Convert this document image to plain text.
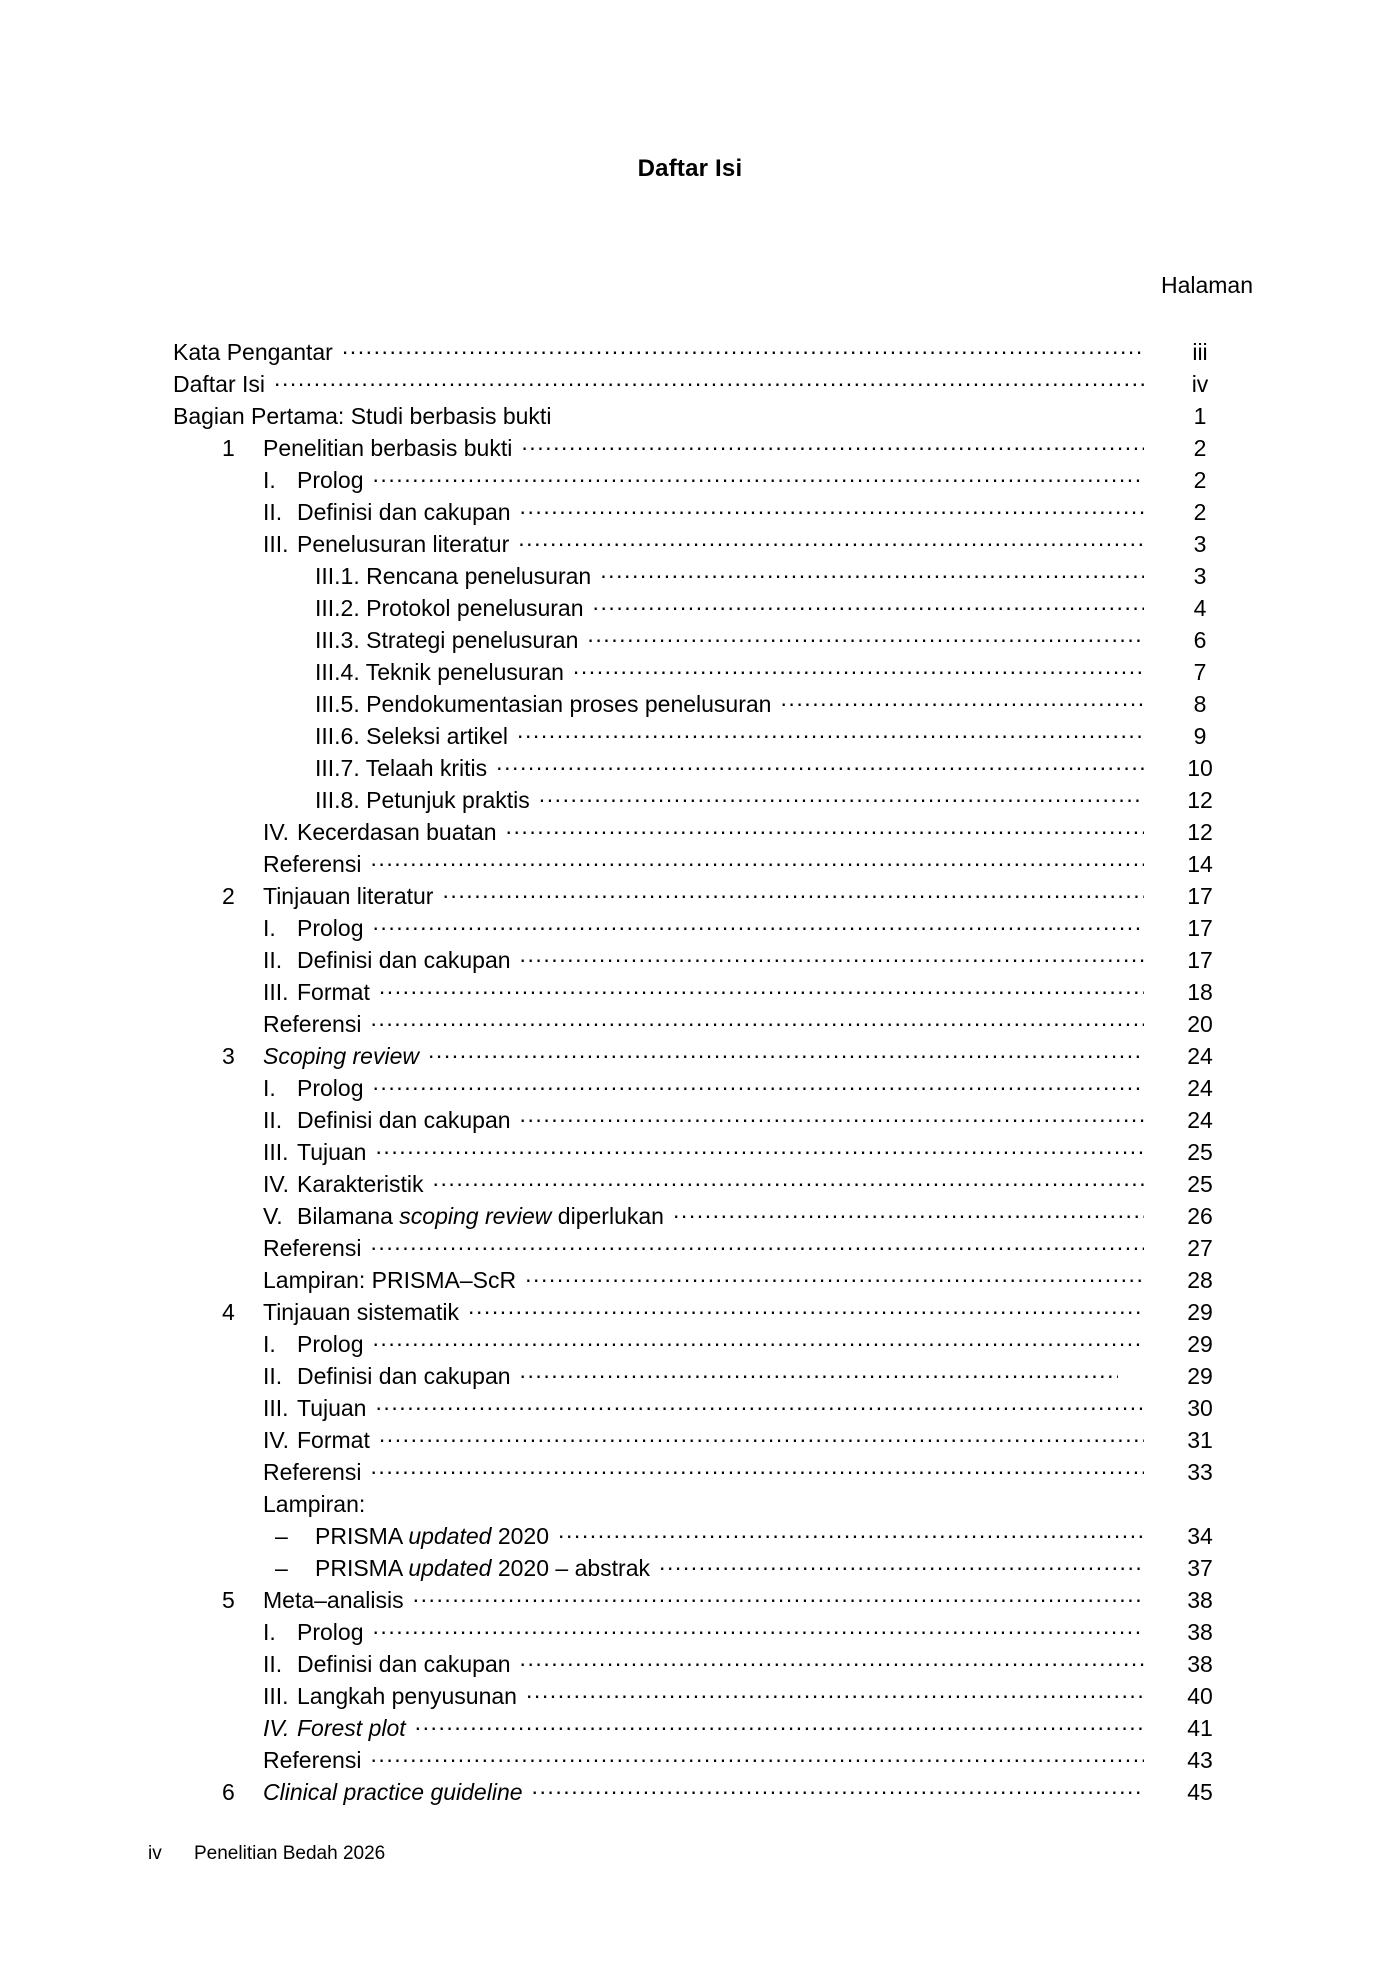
Daftar Isi
Halaman
Kata Pengantar .....	iii
Daftar Isi .....	iv
Bagian Pertama: Studi berbasis bukti	1
1	Penelitian berbasis bukti .....	2
I. Prolog .....	2
II. Definisi dan cakupan .....	2
III. Penelusuran literatur .....	3
III.1. Rencana penelusuran .....	3
III.2. Protokol penelusuran .....	4
III.3. Strategi penelusuran .....	6
III.4. Teknik penelusuran .....	7
III.5. Pendokumentasian proses penelusuran .....	8
III.6. Seleksi artikel .....	9
III.7. Telaah kritis .....	10
III.8. Petunjuk praktis .....	12
IV. Kecerdasan buatan .....	12
Referensi .....	14
2	Tinjauan literatur .....	17
I. Prolog .....	17
II. Definisi dan cakupan .....	17
III. Format .....	18
Referensi .....	20
3	Scoping review .....	24
I. Prolog .....	24
II. Definisi dan cakupan .....	24
III. Tujuan .....	25
IV. Karakteristik .....	25
V. Bilamana scoping review diperlukan .....	26
Referensi .....	27
Lampiran: PRISMA–ScR .....	28
4	Tinjauan sistematik .....	29
I. Prolog .....	29
II. Definisi dan cakupan .....	29
III. Tujuan .....	30
IV. Format .....	31
Referensi .....	33
Lampiran:
–	PRISMA updated 2020 .....	34
–	PRISMA updated 2020 – abstrak .....	37
5	Meta–analisis .....	38
I. Prolog .....	38
II. Definisi dan cakupan .....	38
III. Langkah penyusunan .....	40
IV. Forest plot .....	41
Referensi .....	43
6	Clinical practice guideline .....	45
iv	Penelitian Bedah 2026
